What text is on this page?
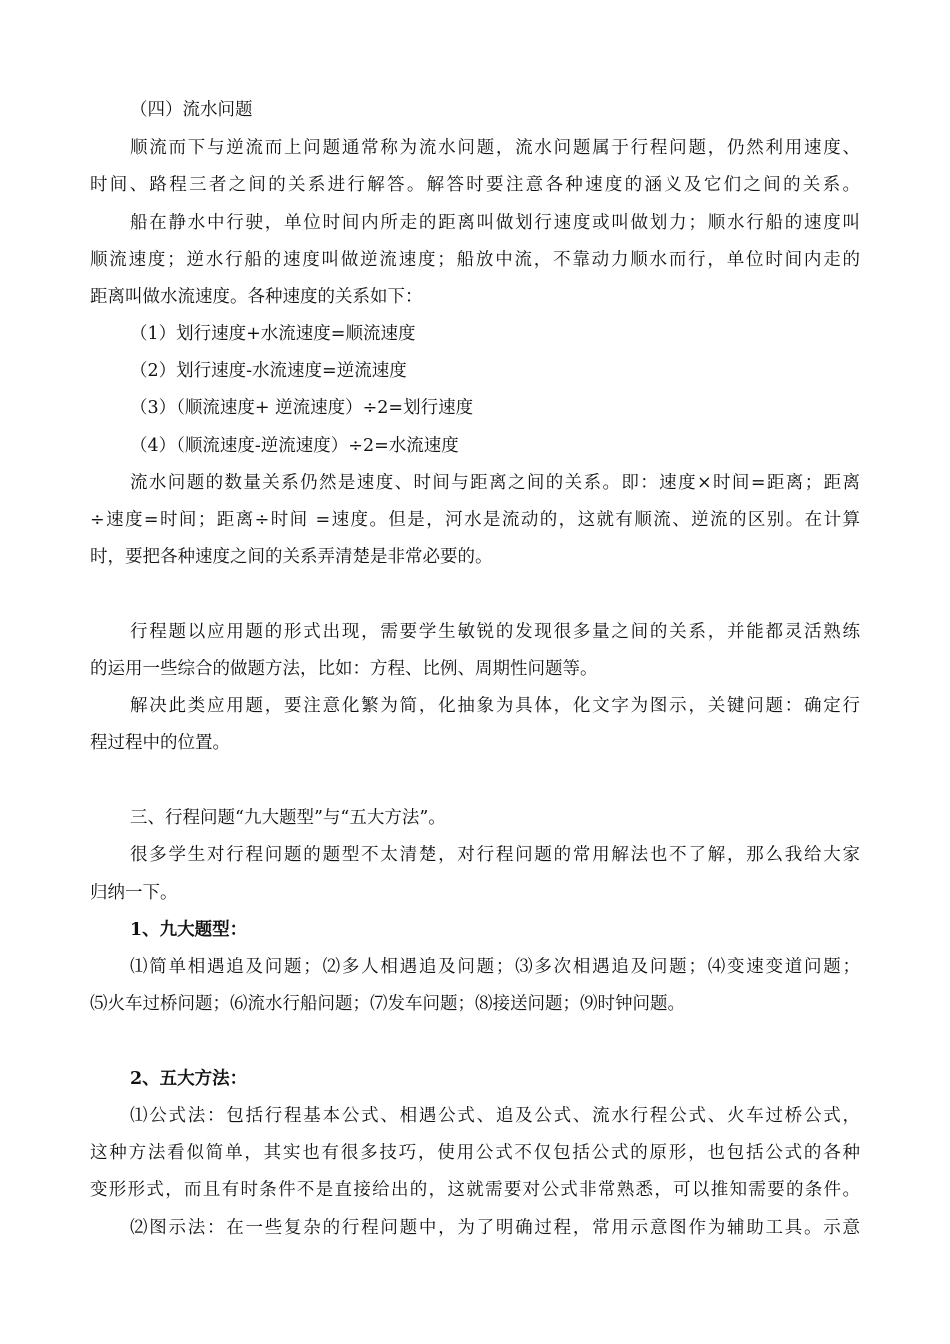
（四）流水问题
顺流而下与逆流而上问题通常称为流水问题，流水问题属于行程问题，仍然利用速度、
时间、路程三者之间的关系进行解答。解答时要注意各种速度的涵义及它们之间的关系。
船在静水中行驶，单位时间内所走的距离叫做划行速度或叫做划力；顺水行船的速度叫
顺流速度；逆水行船的速度叫做逆流速度；船放中流，不靠动力顺水而行，单位时间内走的
距离叫做水流速度。各种速度的关系如下：
（1）划行速度+水流速度=顺流速度
（2）划行速度-水流速度=逆流速度
（3）（顺流速度+ 逆流速度）÷2=划行速度
（4）（顺流速度-逆流速度）÷2=水流速度
流水问题的数量关系仍然是速度、时间与距离之间的关系。即：速度×时间=距离；距离
÷速度=时间；距离÷时间 =速度。但是，河水是流动的，这就有顺流、逆流的区别。在计算
时，要把各种速度之间的关系弄清楚是非常必要的。
行程题以应用题的形式出现，需要学生敏锐的发现很多量之间的关系，并能都灵活熟练
的运用一些综合的做题方法，比如：方程、比例、周期性问题等。
解决此类应用题，要注意化繁为简，化抽象为具体，化文字为图示，关键问题：确定行
程过程中的位置。
三、行程问题“九大题型”与“五大方法”。
很多学生对行程问题的题型不太清楚，对行程问题的常用解法也不了解，那么我给大家
归纳一下。
1、九大题型：
⑴简单相遇追及问题；⑵多人相遇追及问题；⑶多次相遇追及问题；⑷变速变道问题；
⑸火车过桥问题；⑹流水行船问题；⑺发车问题；⑻接送问题；⑼时钟问题。
2、五大方法：
⑴公式法：包括行程基本公式、相遇公式、追及公式、流水行程公式、火车过桥公式，
这种方法看似简单，其实也有很多技巧，使用公式不仅包括公式的原形，也包括公式的各种
变形形式，而且有时条件不是直接给出的，这就需要对公式非常熟悉，可以推知需要的条件。
⑵图示法：在一些复杂的行程问题中，为了明确过程，常用示意图作为辅助工具。示意
